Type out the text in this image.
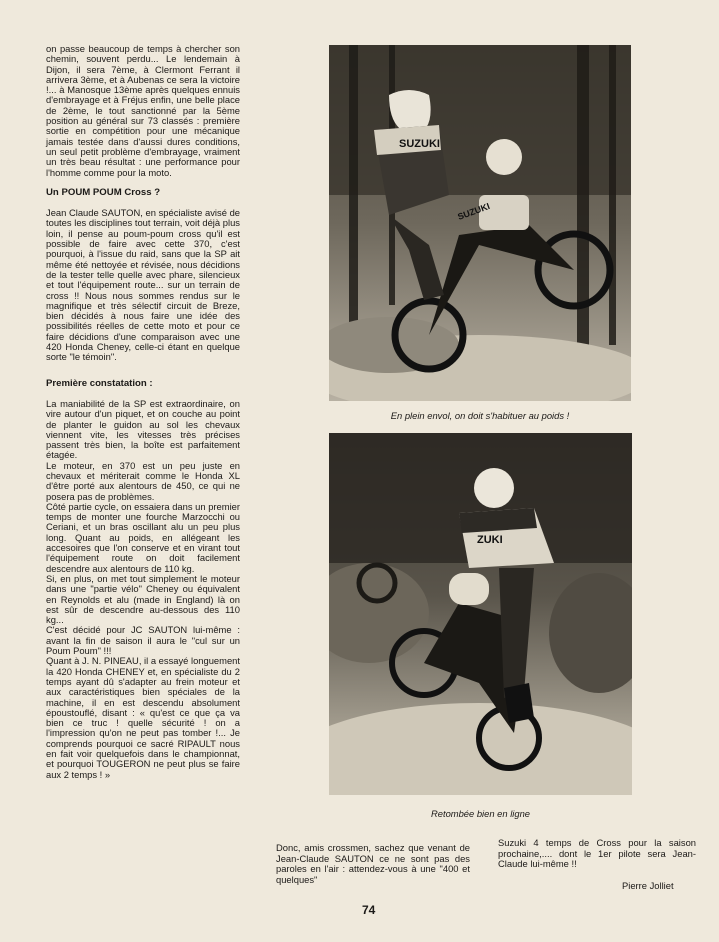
on passe beaucoup de temps à chercher son chemin, souvent perdu... Le lendemain à Dijon, il sera 7ème, à Clermont Ferrant il arrivera 3ème, et à Aubenas ce sera la victoire !... à Manosque 13ème après quelques ennuis d'embrayage et à Fréjus enfin, une belle place de 2ème, le tout sanctionné par la 5ème position au général sur 73 classés : première sortie en compétition pour une mécanique jamais testée dans d'aussi dures conditions, un seul petit problème d'embrayage, vraiment un très beau résultat : une performance pour l'homme comme pour la moto.

Un POUM POUM Cross ?

Jean Claude SAUTON, en spécialiste avisé de toutes les disciplines tout terrain, voit déjà plus loin, il pense au poum-poum cross qu'il est possible de faire avec cette 370, c'est pourquoi, à l'issue du raid, sans que la SP ait même été nettoyée et révisée, nous décidions de la tester telle quelle avec phare, silencieux et tout l'équipement route... sur un terrain de cross !! Nous nous sommes rendus sur le magnifique et très sélectif circuit de Breze, bien décidés à nous faire une idée des possibilités réelles de cette moto et pour ce faire décidions d'une comparaison avec une 420 Honda Cheney, celle-ci étant en quelque sorte "le témoin".

Première constatation :

La maniabilité de la SP est extraordinaire, on vire autour d'un piquet, et on couche au point de planter le guidon au sol les chevaux viennent vite, les vitesses très précises passent très bien, la boîte est parfaitement étagée.

Le moteur, en 370 est un peu juste en chevaux et mériterait comme le Honda XL d'être porté aux alentours de 450, ce qui ne posera pas de problèmes.

Côté partie cycle, on essaiera dans un premier temps de monter une fourche Marzocchi ou Ceriani, et un bras oscillant alu un peu plus long. Quant au poids, en allégeant les accesoires que l'on conserve et en virant tout l'équipement route on doit facilement descendre aux alentours de 110 kg.

Si, en plus, on met tout simplement le moteur dans une "partie vélo" Cheney ou équivalent en Reynolds et alu (made in England) là on est sûr de descendre au-dessous des 110 kg...

C'est décidé pour JC SAUTON lui-même : avant la fin de saison il aura le "cul sur un Poum Poum" !!!

Quant à J. N. PINEAU, il a essayé longuement la 420 Honda CHENEY et, en spécialiste du 2 temps ayant dû s'adapter au frein moteur et aux caractéristiques bien spéciales de la machine, il en est descendu absolument époustouflé, disant : « qu'est ce que ça va bien ce truc ! quelle sécurité ! on a l'impression qu'on ne peut pas tomber !... Je comprends pourquoi ce sacré RIPAULT nous en fait voir quelquefois dans le championnat, et pourquoi TOUGERON ne peut plus se faire aux 2 temps ! »

SUZUKI
SUZUKI
En plein envol, on doit s'habituer au poids !
ZUKI
Retombée bien en ligne
Donc, amis crossmen, sachez que venant de Jean-Claude SAUTON ce ne sont pas des paroles en l'air : attendez-vous à une "400 et quelques"
Suzuki 4 temps de Cross pour la saison prochaine,.... dont le 1er pilote sera Jean-Claude lui-même !!
Pierre Jolliet
74
